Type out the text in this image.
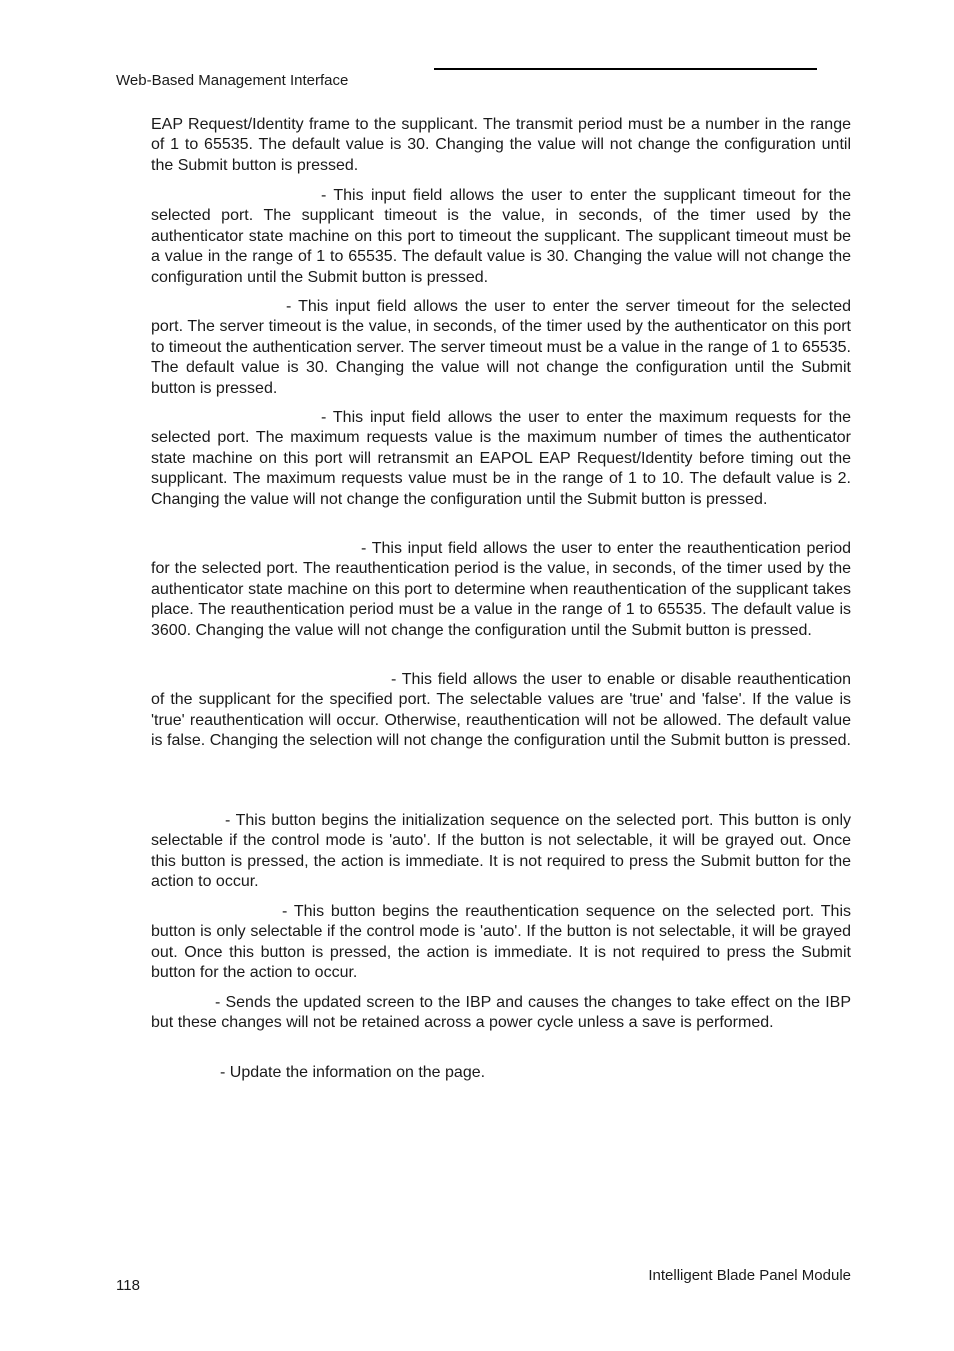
Web-Based Management Interface

EAP Request/Identity frame to the supplicant. The transmit period must be a number in the range of 1 to 65535. The default value is 30. Changing the value will not change the configuration until the Submit button is pressed.

- This input field allows the user to enter the supplicant timeout for the selected port. The supplicant timeout is the value, in seconds, of the timer used by the authenticator state machine on this port to timeout the supplicant. The supplicant timeout must be a value in the range of 1 to 65535. The default value is 30. Changing the value will not change the configuration until the Submit button is pressed.

- This input field allows the user to enter the server timeout for the selected port. The server timeout is the value, in seconds, of the timer used by the authenticator on this port to timeout the authentication server. The server timeout must be a value in the range of 1 to 65535. The default value is 30. Changing the value will not change the configuration until the Submit button is pressed.

- This input field allows the user to enter the maximum requests for the selected port. The maximum requests value is the maximum number of times the authenticator state machine on this port will retransmit an EAPOL EAP Request/Identity before timing out the supplicant. The maximum requests value must be in the range of 1 to 10. The default value is 2. Changing the value will not change the configuration until the Submit button is pressed.

- This input field allows the user to enter the reauthentication period for the selected port. The reauthentication period is the value, in seconds, of the timer used by the authenticator state machine on this port to determine when reauthentication of the supplicant takes place. The reauthentication period must be a value in the range of 1 to 65535. The default value is 3600. Changing the value will not change the configuration until the Submit button is pressed.

- This field allows the user to enable or disable reauthentication of the supplicant for the specified port. The selectable values are 'true' and 'false'. If the value is 'true' reauthentication will occur. Otherwise, reauthentication will not be allowed. The default value is false. Changing the selection will not change the configuration until the Submit button is pressed.

- This button begins the initialization sequence on the selected port. This button is only selectable if the control mode is 'auto'. If the button is not selectable, it will be grayed out. Once this button is pressed, the action is immediate. It is not required to press the Submit button for the action to occur.

- This button begins the reauthentication sequence on the selected port. This button is only selectable if the control mode is 'auto'. If the button is not selectable, it will be grayed out. Once this button is pressed, the action is immediate. It is not required to press the Submit button for the action to occur.

- Sends the updated screen to the IBP and causes the changes to take effect on the IBP but these changes will not be retained across a power cycle unless a save is performed.

- Update the information on the page.

118
Intelligent Blade Panel Module
